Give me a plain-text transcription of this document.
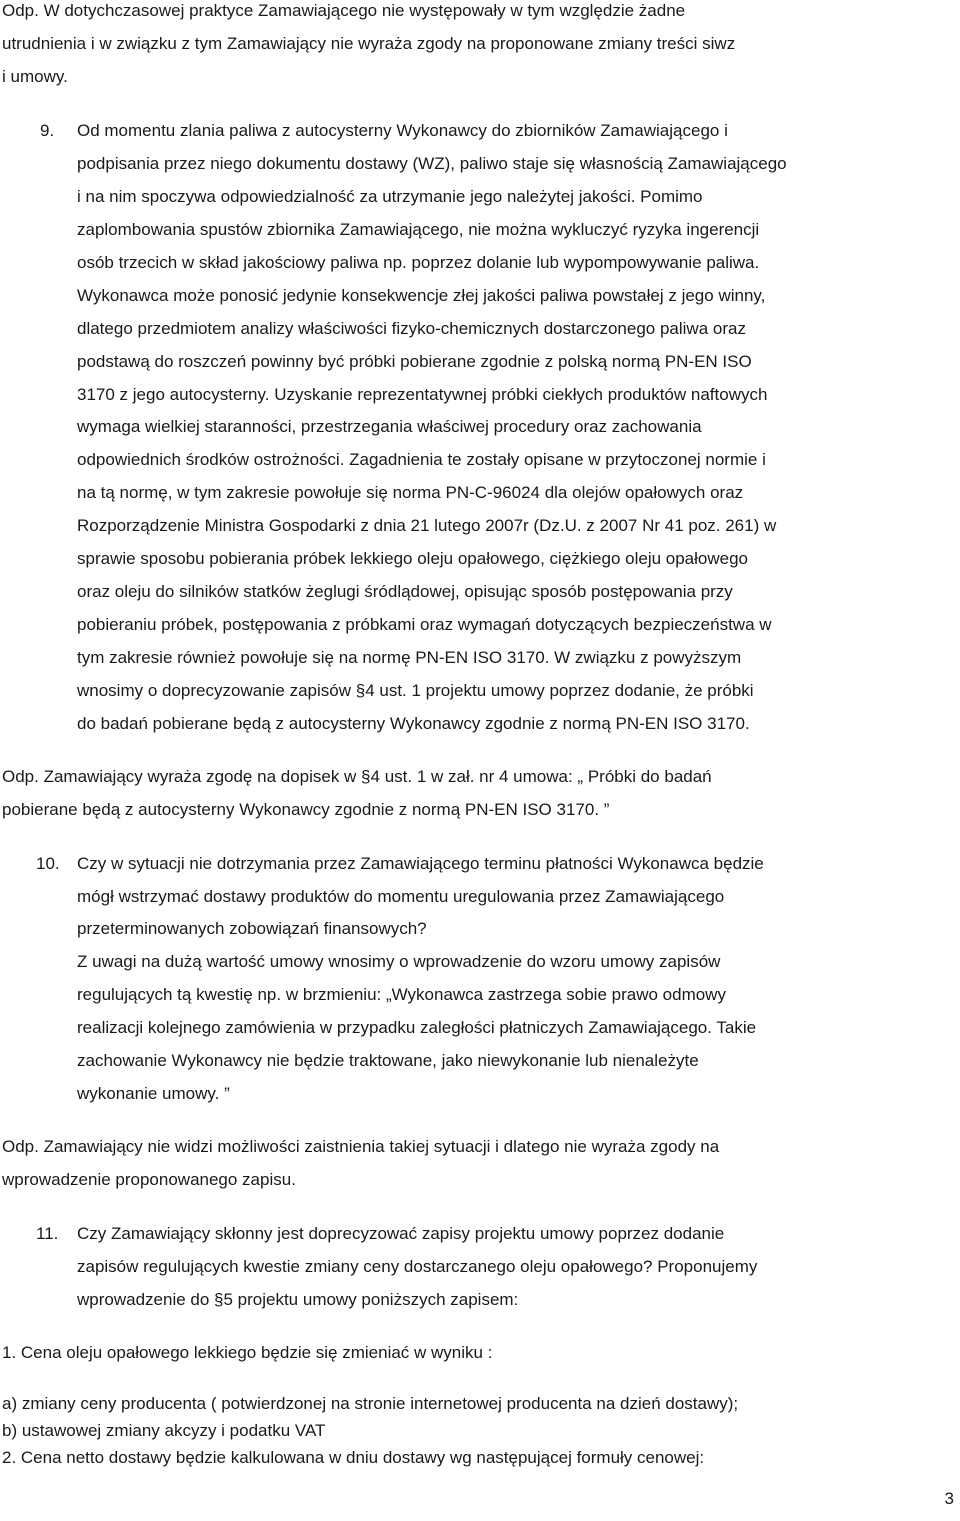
Odp. W dotychczasowej praktyce Zamawiającego nie występowały w tym względzie żadne
utrudnienia i w związku z tym Zamawiający nie wyraża zgody na proponowane zmiany treści siwz
i umowy.
9. Od momentu zlania paliwa z autocysterny Wykonawcy do zbiorników Zamawiającego i
podpisania przez niego dokumentu dostawy (WZ), paliwo staje się własnością Zamawiającego
i na nim spoczywa odpowiedzialność za utrzymanie jego należytej jakości. Pomimo
zaplombowania spustów zbiornika Zamawiającego, nie można wykluczyć ryzyka ingerencji
osób trzecich w skład jakościowy paliwa np. poprzez dolanie lub wypompowywanie paliwa.
Wykonawca może ponosić jedynie konsekwencje złej jakości paliwa powstałej z jego winny,
dlatego przedmiotem analizy właściwości fizyko-chemicznych dostarczonego paliwa oraz
podstawą do roszczeń powinny być próbki pobierane zgodnie z polską normą PN-EN ISO
3170 z jego autocysterny. Uzyskanie reprezentatywnej próbki ciekłych produktów naftowych
wymaga wielkiej staranności, przestrzegania właściwej procedury oraz zachowania
odpowiednich środków ostrożności. Zagadnienia te zostały opisane w przytoczonej normie i
na tą normę, w tym zakresie powołuje się norma PN-C-96024 dla olejów opałowych oraz
Rozporządzenie Ministra Gospodarki z dnia 21 lutego 2007r (Dz.U. z 2007 Nr 41 poz. 261) w
sprawie sposobu pobierania próbek lekkiego oleju opałowego, ciężkiego oleju opałowego
oraz oleju do silników statków żeglugi śródlądowej, opisując sposób postępowania przy
pobieraniu próbek, postępowania z próbkami oraz wymagań dotyczących bezpieczeństwa w
tym zakresie również powołuje się na normę PN-EN ISO 3170. W związku z powyższym
wnosimy o doprecyzowanie zapisów §4 ust. 1 projektu umowy poprzez dodanie, że próbki
do badań pobierane będą z autocysterny Wykonawcy zgodnie z normą PN-EN ISO 3170.
Odp. Zamawiający wyraża zgodę na dopisek w §4 ust. 1 w zał. nr 4 umowa: „ Próbki do badań
pobierane będą z autocysterny Wykonawcy zgodnie z normą PN-EN ISO 3170. ”
10. Czy w sytuacji nie dotrzymania przez Zamawiającego terminu płatności Wykonawca będzie
mógł wstrzymać dostawy produktów do momentu uregulowania przez Zamawiającego
przeterminowanych zobowiązań finansowych?
Z uwagi na dużą wartość umowy wnosimy o wprowadzenie do wzoru umowy zapisów
regulujących tą kwestię np. w brzmieniu: „Wykonawca zastrzega sobie prawo odmowy
realizacji kolejnego zamówienia w przypadku zaległości płatniczych Zamawiającego. Takie
zachowanie Wykonawcy nie będzie traktowane, jako niewykonanie lub nienależyte
wykonanie umowy. ”
Odp. Zamawiający nie widzi możliwości zaistnienia takiej sytuacji i dlatego nie wyraża zgody na
wprowadzenie proponowanego zapisu.
11. Czy Zamawiający skłonny jest doprecyzować zapisy projektu umowy poprzez dodanie
zapisów regulujących kwestie zmiany ceny dostarczanego oleju opałowego? Proponujemy
wprowadzenie do §5 projektu umowy poniższych zapisem:
1. Cena oleju opałowego lekkiego będzie się zmieniać w wyniku :
a) zmiany ceny producenta ( potwierdzonej na stronie internetowej producenta na dzień dostawy);
b) ustawowej zmiany akcyzy i podatku VAT
2. Cena netto dostawy będzie kalkulowana w dniu dostawy wg następującej formuły cenowej:
3
